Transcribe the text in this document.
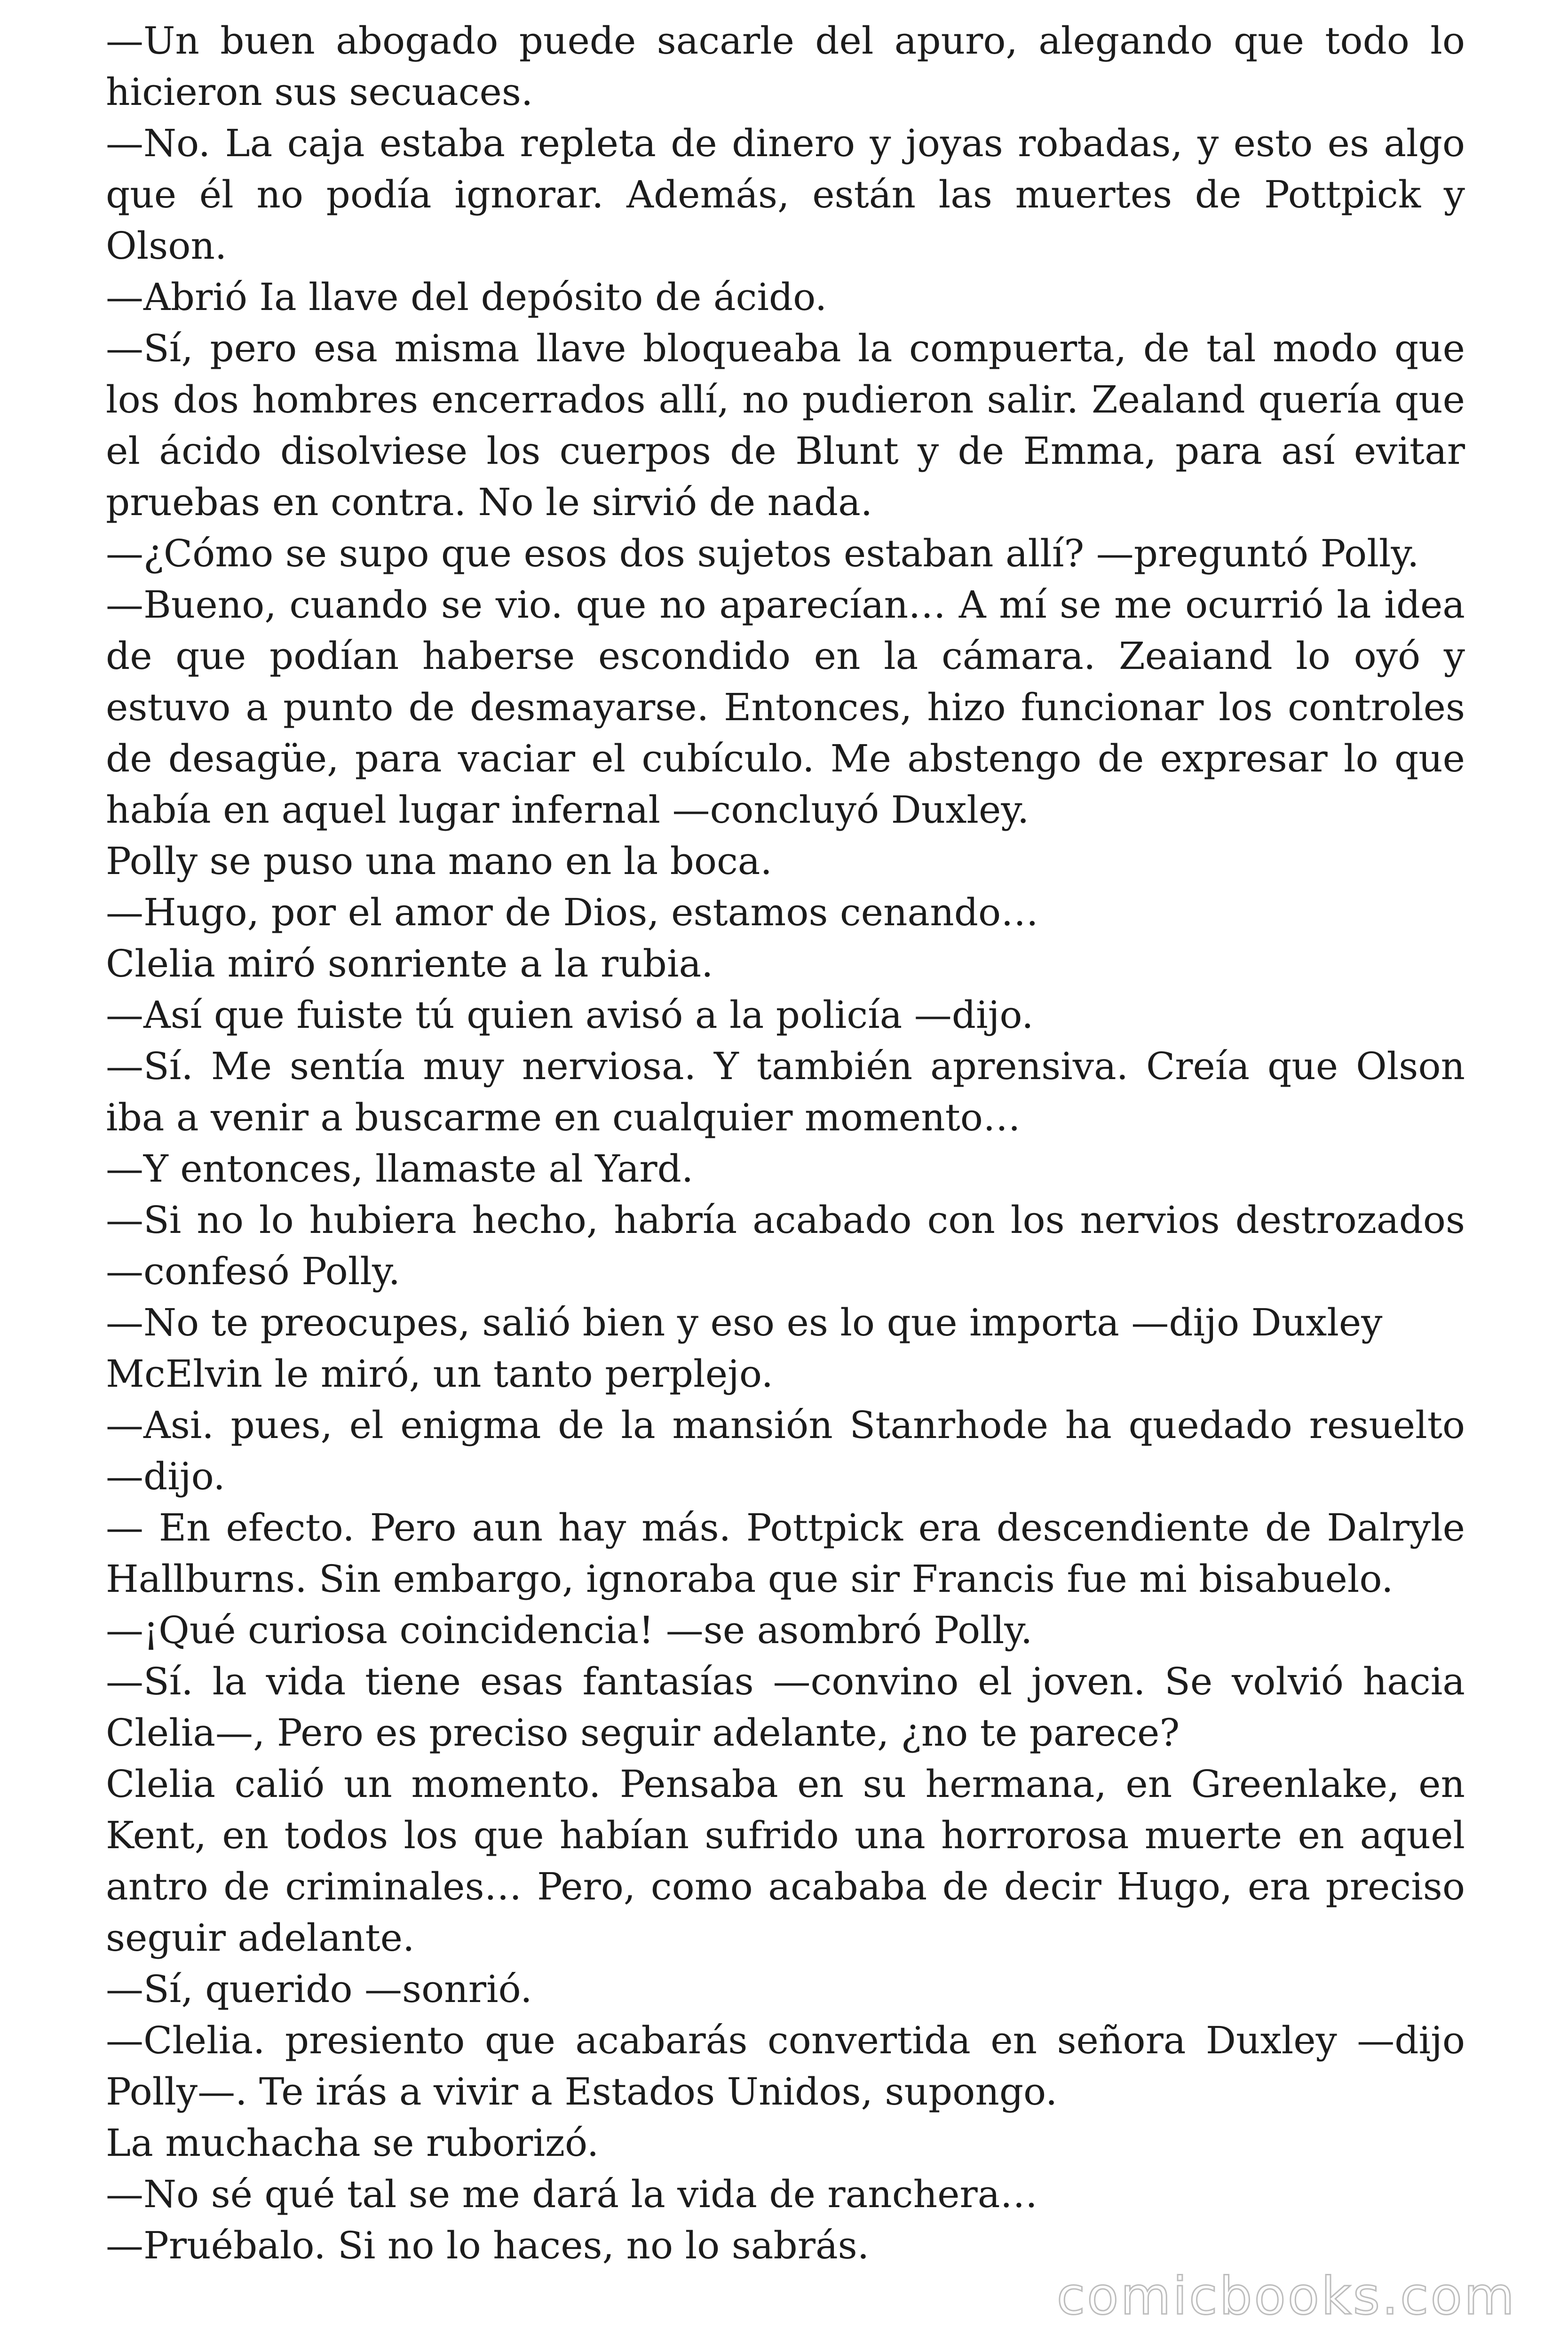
—Un buen abogado puede sacarle del apuro, alegando que todo lo hicieron sus secuaces.

—No. La caja estaba repleta de dinero y joyas robadas, y esto es algo que él no podía ignorar. Además, están las muertes de Pottpick y Olson.

—Abrió Ia llave del depósito de ácido.

—Sí, pero esa misma llave bloqueaba la compuerta, de tal modo que los dos hombres encerrados allí, no pudieron salir. Zealand quería que el ácido disolviese los cuerpos de Blunt y de Emma, para así evitar pruebas en contra. No le sirvió de nada.

—¿Cómo se supo que esos dos sujetos estaban allí? —preguntó Polly.

—Bueno, cuando se vio. que no aparecían… A mí se me ocurrió la idea de que podían haberse escondido en la cámara. Zeaiand lo oyó y estuvo a punto de desmayarse. Entonces, hizo funcionar los controles de desagüe, para vaciar el cubículo. Me abstengo de expresar lo que había en aquel lugar infernal —concluyó Duxley.

Polly se puso una mano en la boca.

—Hugo, por el amor de Dios, estamos cenando…

Clelia miró sonriente a la rubia.

—Así que fuiste tú quien avisó a la policía —dijo.

—Sí. Me sentía muy nerviosa. Y también aprensiva. Creía que Olson iba a venir a buscarme en cualquier momento…

—Y entonces, llamaste al Yard.

—Si no lo hubiera hecho, habría acabado con los nervios destrozados —confesó Polly.

—No te preocupes, salió bien y eso es lo que importa —dijo Duxley

McElvin le miró, un tanto perplejo.

—Asi. pues, el enigma de la mansión Stanrhode ha quedado resuelto —dijo.

— En efecto. Pero aun hay más. Pottpick era descendiente de Dalryle Hallburns. Sin embargo, ignoraba que sir Francis fue mi bisabuelo.

—¡Qué curiosa coincidencia! —se asombró Polly.

—Sí. la vida tiene esas fantasías —convino el joven. Se volvió hacia Clelia—, Pero es preciso seguir adelante, ¿no te parece?

Clelia calió un momento. Pensaba en su hermana, en Greenlake, en Kent, en todos los que habían sufrido una horrorosa muerte en aquel antro de criminales… Pero, como acababa de decir Hugo, era preciso seguir adelante.

—Sí, querido —sonrió.

—Clelia. presiento que acabarás convertida en señora Duxley —dijo Polly—. Te irás a vivir a Estados Unidos, supongo.

La muchacha se ruborizó.

—No sé qué tal se me dará la vida de ranchera…

—Pruébalo. Si no lo haces, no lo sabrás.

comicbooks.com
